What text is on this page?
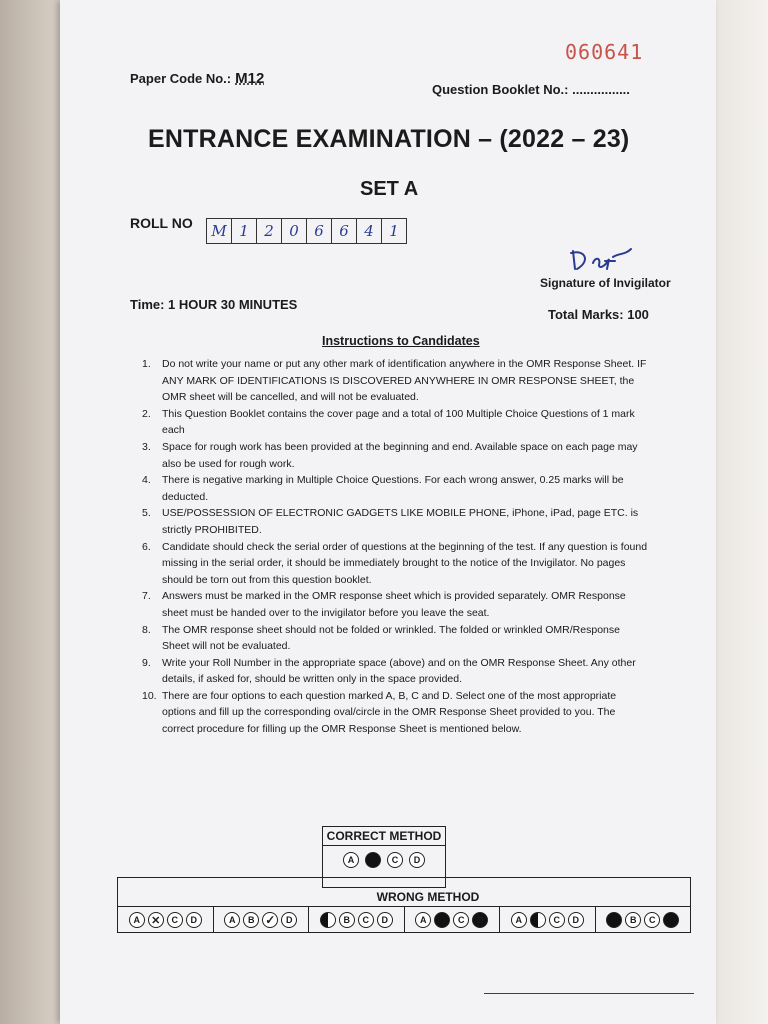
060641
Paper Code No.: M12
Question Booklet No.: ................
ENTRANCE EXAMINATION – (2022 – 23)
SET A
ROLL NO M 1	2	0	6	6	4	1
Signature of Invigilator
Time: 1 HOUR 30 MINUTES
Total Marks: 100
Instructions to Candidates
1.	Do not write your name or put any other mark of identification anywhere in the OMR Response Sheet. IF ANY MARK OF IDENTIFICATIONS IS DISCOVERED ANYWHERE IN OMR RESPONSE SHEET, the OMR sheet will be cancelled, and will not be evaluated.
2.	This Question Booklet contains the cover page and a total of 100 Multiple Choice Questions of 1 mark each
3.	Space for rough work has been provided at the beginning and end. Available space on each page may also be used for rough work.
4.	There is negative marking in Multiple Choice Questions. For each wrong answer, 0.25 marks will be deducted.
5.	USE/POSSESSION OF ELECTRONIC GADGETS LIKE MOBILE PHONE, iPhone, iPad, page ETC. is strictly PROHIBITED.
6.	Candidate should check the serial order of questions at the beginning of the test. If any question is found missing in the serial order, it should be immediately brought to the notice of the Invigilator. No pages should be torn out from this question booklet.
7.	Answers must be marked in the OMR response sheet which is provided separately. OMR Response sheet must be handed over to the invigilator before you leave the seat.
8.	The OMR response sheet should not be folded or wrinkled. The folded or wrinkled OMR/Response Sheet will not be evaluated.
9.	Write your Roll Number in the appropriate space (above) and on the OMR Response Sheet. Any other details, if asked for, should be written only in the space provided.
10. There are four options to each question marked A, B, C and D. Select one of the most appropriate options and fill up the corresponding oval/circle in the OMR Response Sheet provided to you. The correct procedure for filling up the OMR Response Sheet is mentioned below.
CORRECT METHOD
A	C	D
WRONG METHOD
A ✕	C	D	A	B ✓	D	B	C	D	A	C	D	A	C	D	B	C
